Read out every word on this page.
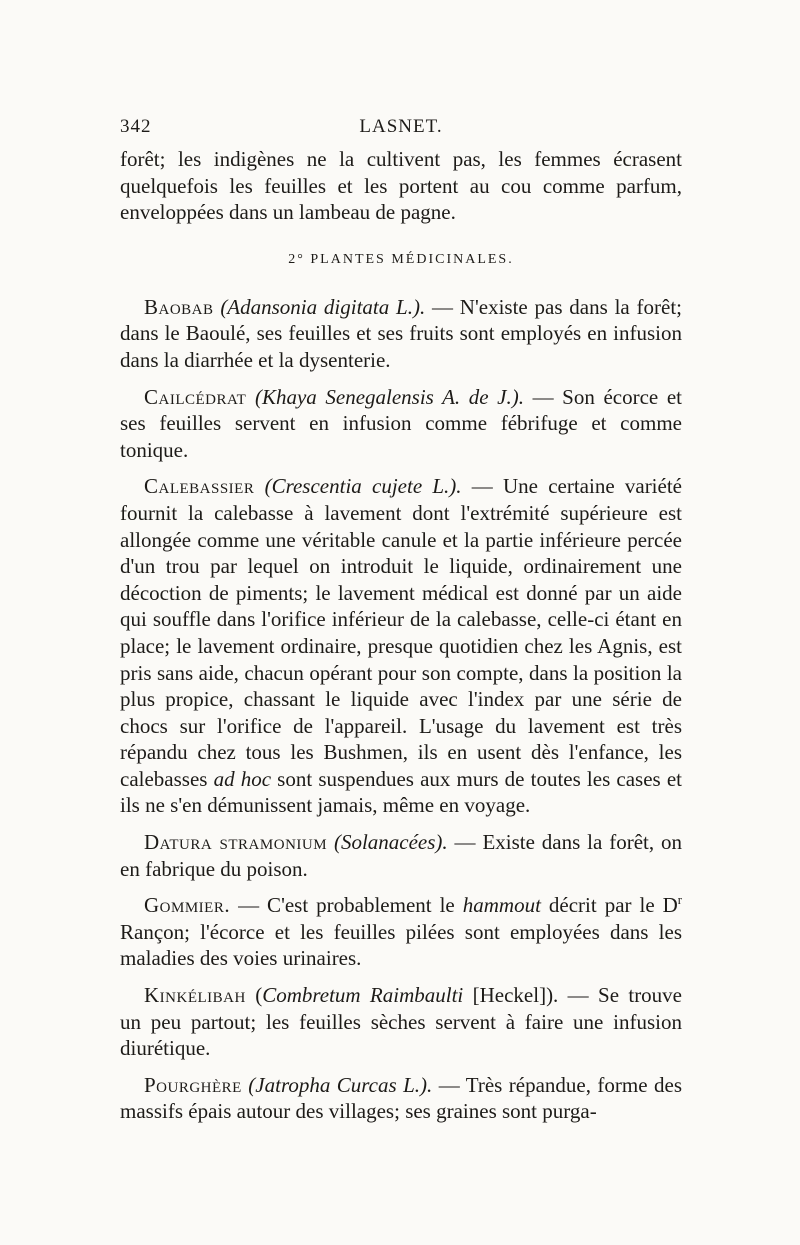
342	LASNET.

forêt; les indigènes ne la cultivent pas, les femmes écrasent quelquefois les feuilles et les portent au cou comme parfum, enveloppées dans un lambeau de pagne.

2° PLANTES MÉDICINALES.

Baobab (Adansonia digitata L.). — N'existe pas dans la forêt; dans le Baoulé, ses feuilles et ses fruits sont employés en infusion dans la diarrhée et la dysenterie.

Cailcédrat (Khaya Senegalensis A. de J.). — Son écorce et ses feuilles servent en infusion comme fébrifuge et comme tonique.

Calebassier (Crescentia cujete L.). — Une certaine variété fournit la calebasse à lavement dont l'extrémité supérieure est allongée comme une véritable canule et la partie inférieure percée d'un trou par lequel on introduit le liquide, ordinairement une décoction de piments; le lavement médical est donné par un aide qui souffle dans l'orifice inférieur de la calebasse, celle-ci étant en place; le lavement ordinaire, presque quotidien chez les Agnis, est pris sans aide, chacun opérant pour son compte, dans la position la plus propice, chassant le liquide avec l'index par une série de chocs sur l'orifice de l'appareil. L'usage du lavement est très répandu chez tous les Bushmen, ils en usent dès l'enfance, les calebasses ad hoc sont suspendues aux murs de toutes les cases et ils ne s'en démunissent jamais, même en voyage.

Datura stramonium (Solanacées). — Existe dans la forêt, on en fabrique du poison.

Gommier. — C'est probablement le hammout décrit par le $D^r$ Rançon; l'écorce et les feuilles pilées sont employées dans les maladies des voies urinaires.

Kinkélibah (Combretum Raimbaulti [Heckel]). — Se trouve un peu partout; les feuilles sèches servent à faire une infusion diurétique.

Pourghère (Jatropha Curcas L.). — Très répandue, forme des massifs épais autour des villages; ses graines sont purga-
